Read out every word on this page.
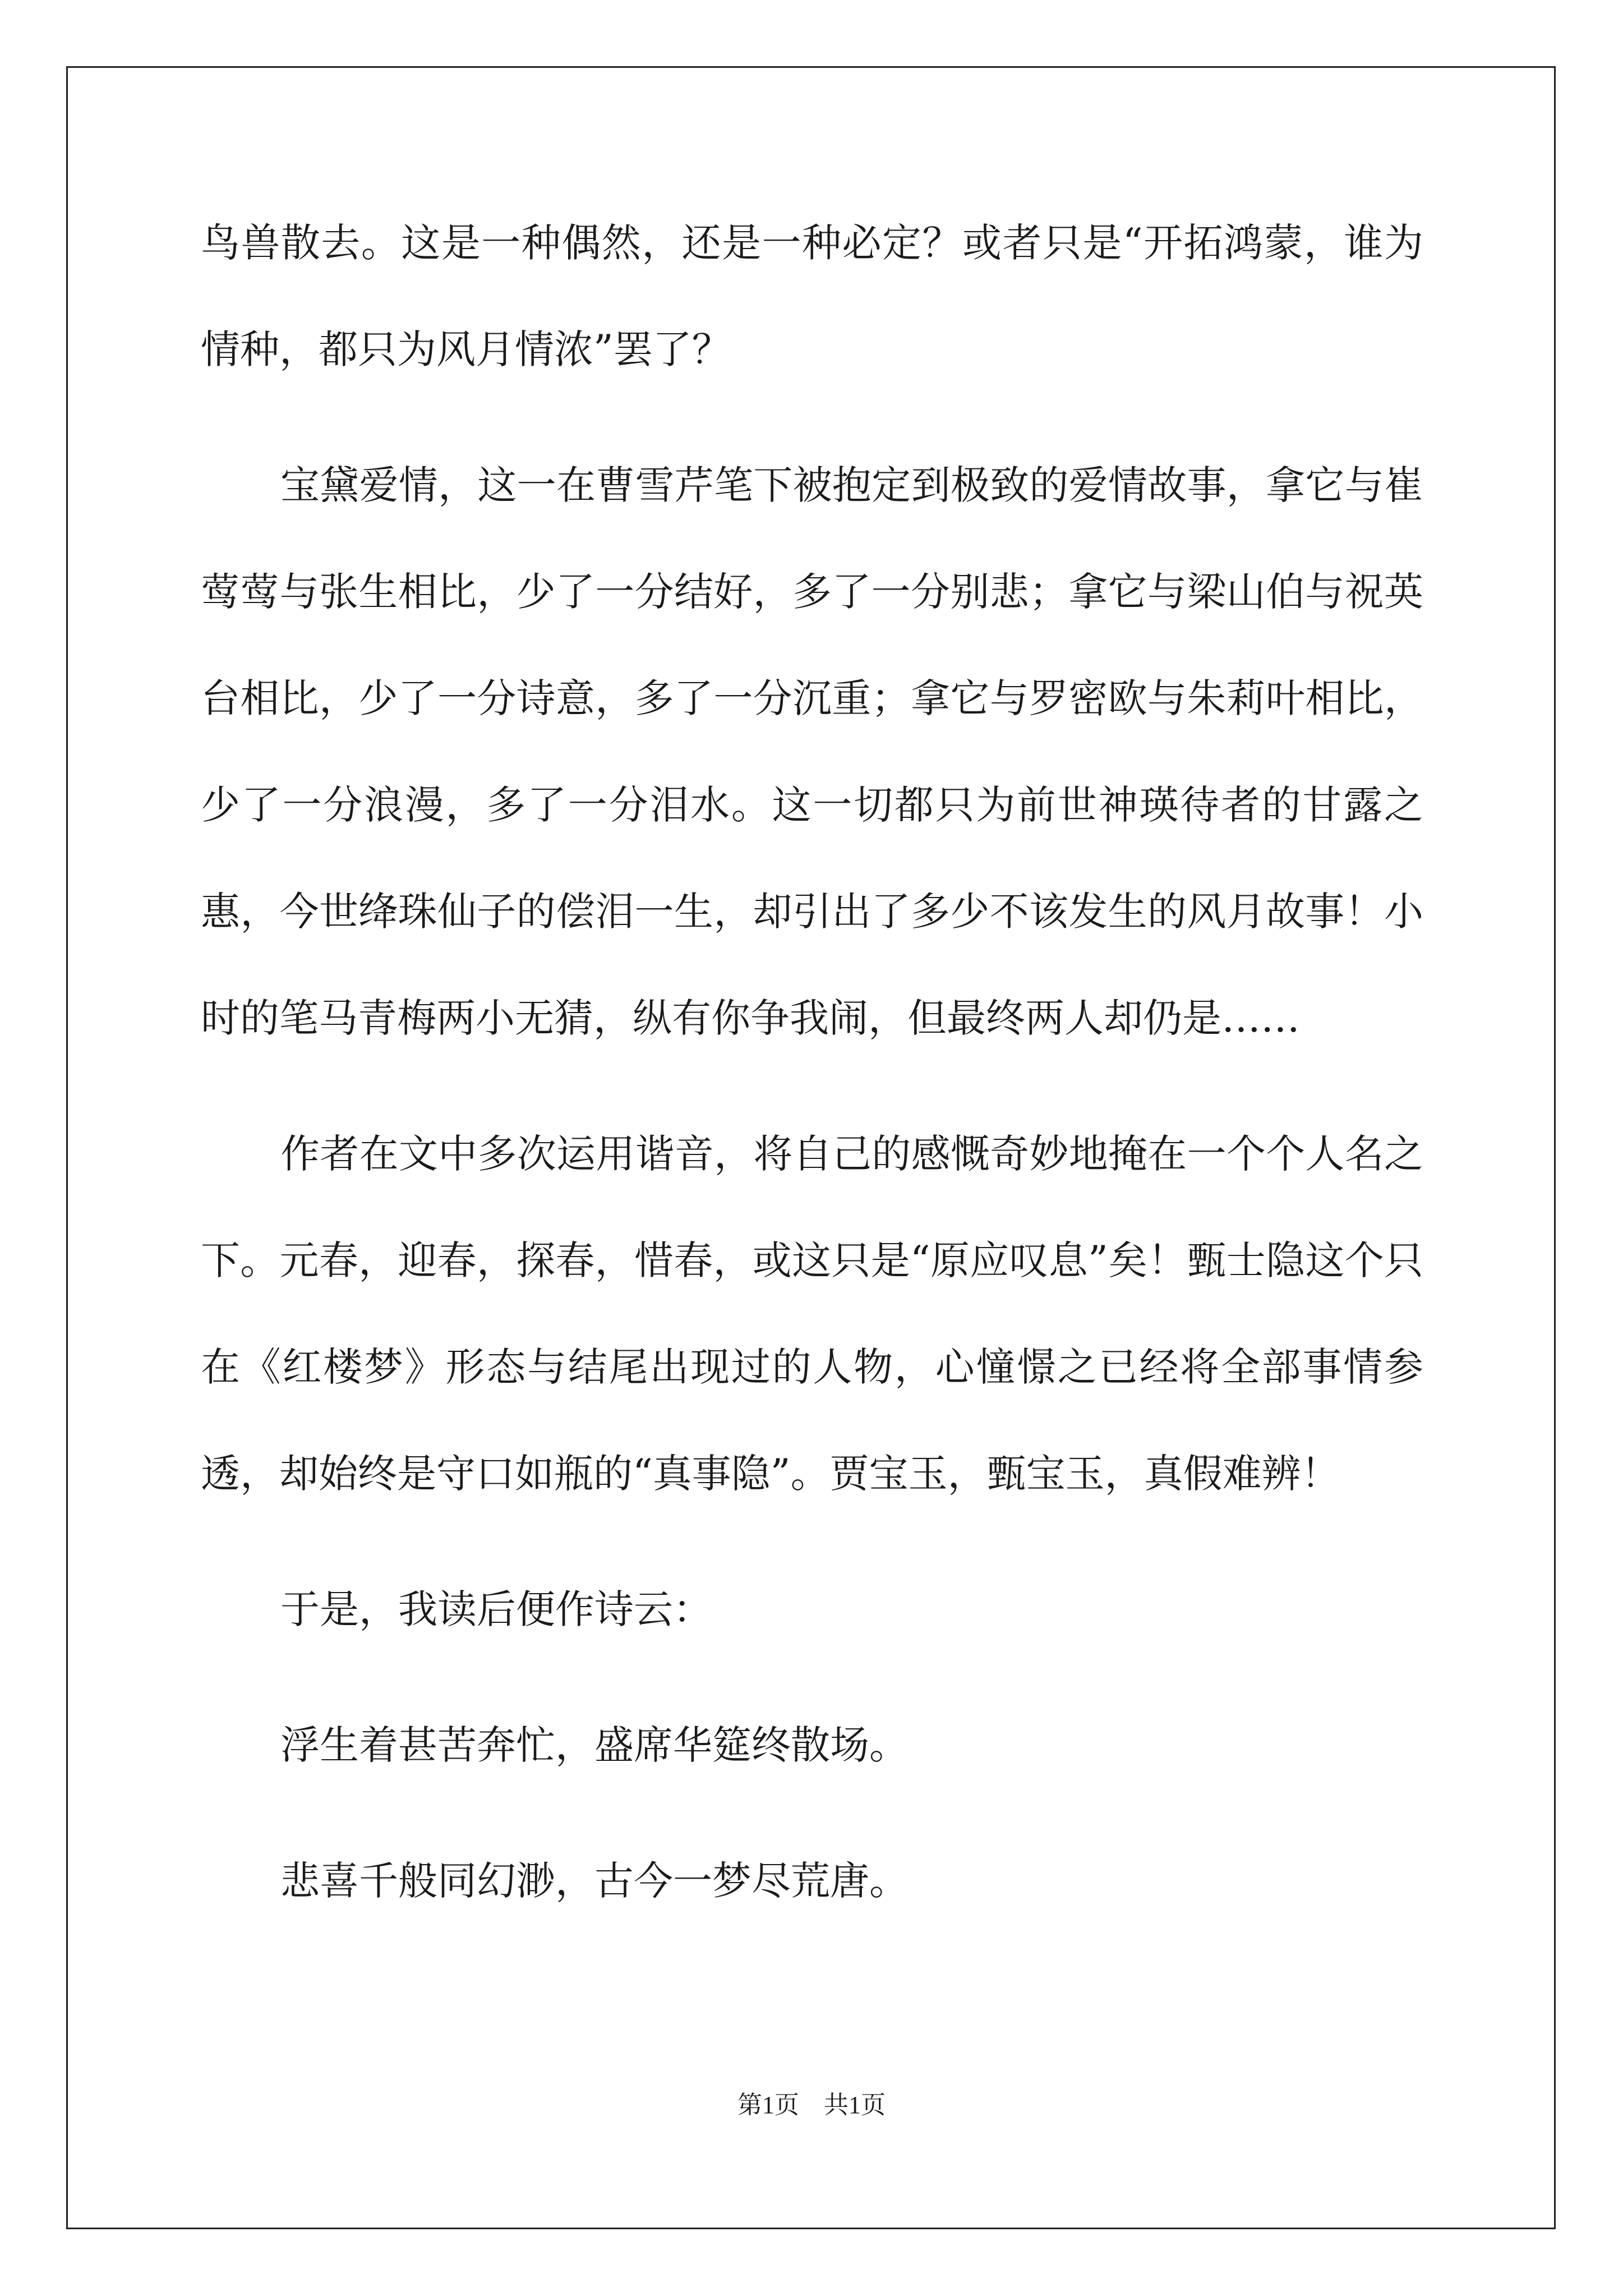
鸟兽散去。这是一种偶然，还是一种必定？或者只是“开拓鸿蒙，谁为情种，都只为风月情浓”罢了？

宝黛爱情，这一在曹雪芹笔下被抱定到极致的爱情故事，拿它与崔莺莺与张生相比，少了一分结好，多了一分别悲；拿它与梁山伯与祝英台相比，少了一分诗意，多了一分沉重；拿它与罗密欧与朱莉叶相比，少了一分浪漫，多了一分泪水。这一切都只为前世神瑛待者的甘露之惠，今世绛珠仙子的偿泪一生，却引出了多少不该发生的风月故事！小时的笔马青梅两小无猜，纵有你争我闹，但最终两人却仍是……

作者在文中多次运用谐音，将自己的感慨奇妙地掩在一个个人名之下。元春，迎春，探春，惜春，或这只是“原应叹息”矣！甄士隐这个只在《红楼梦》形态与结尾出现过的人物，心憧憬之已经将全部事情参透，却始终是守口如瓶的“真事隐”。贾宝玉，甄宝玉，真假难辨！

于是，我读后便作诗云：

浮生着甚苦奔忙，盛席华筵终散场。

悲喜千般同幻渺，古今一梦尽荒唐。

第1页　共1页
